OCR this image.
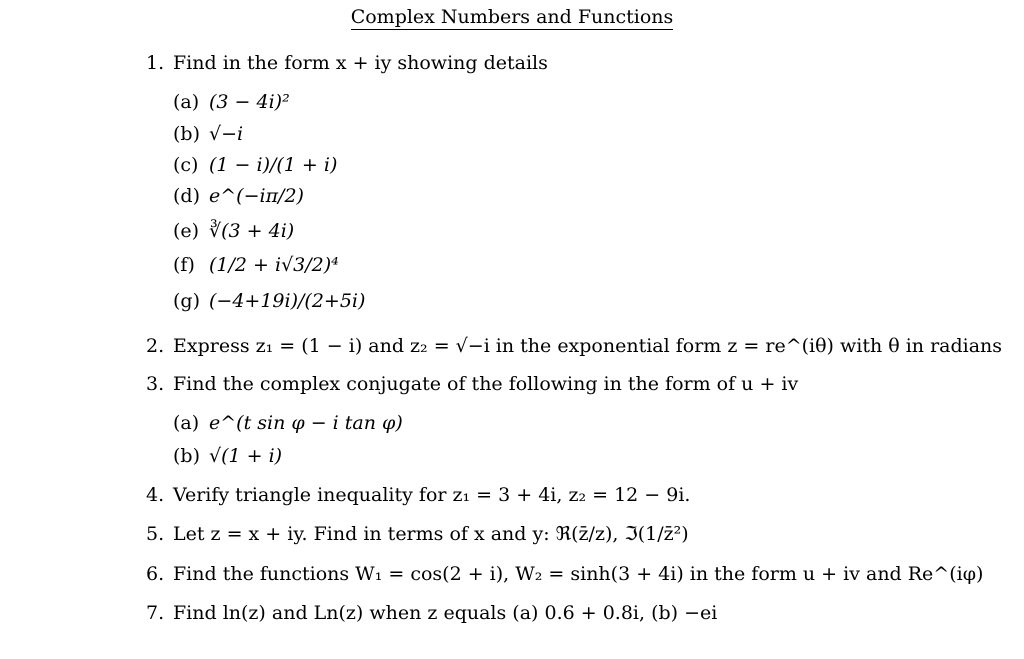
Complex Numbers and Functions
1. Find in the form x + iy showing details
(a) (3 − 4i)²
(b) √−i
(c) (1 − i)/(1 + i)
(d) e^(−iπ/2)
(e) ∛(3 + 4i)
(f) (1/2 + i√3/2)⁴
(g) (−4+19i)/(2+5i)
2. Express z₁ = (1 − i) and z₂ = √−i in the exponential form z = re^(iθ) with θ in radians
3. Find the complex conjugate of the following in the form of u + iv
(a) e^(t sin φ − i tan φ)
(b) √(1 + i)
4. Verify triangle inequality for z₁ = 3 + 4i, z₂ = 12 − 9i.
5. Let z = x + iy. Find in terms of x and y: ℜ(z̄/z), ℑ(1/z̄²)
6. Find the functions W₁ = cos(2 + i), W₂ = sinh(3 + 4i) in the form u + iv and Re^(iφ)
7. Find ln(z) and Ln(z) when z equals (a) 0.6 + 0.8i, (b) −ei
